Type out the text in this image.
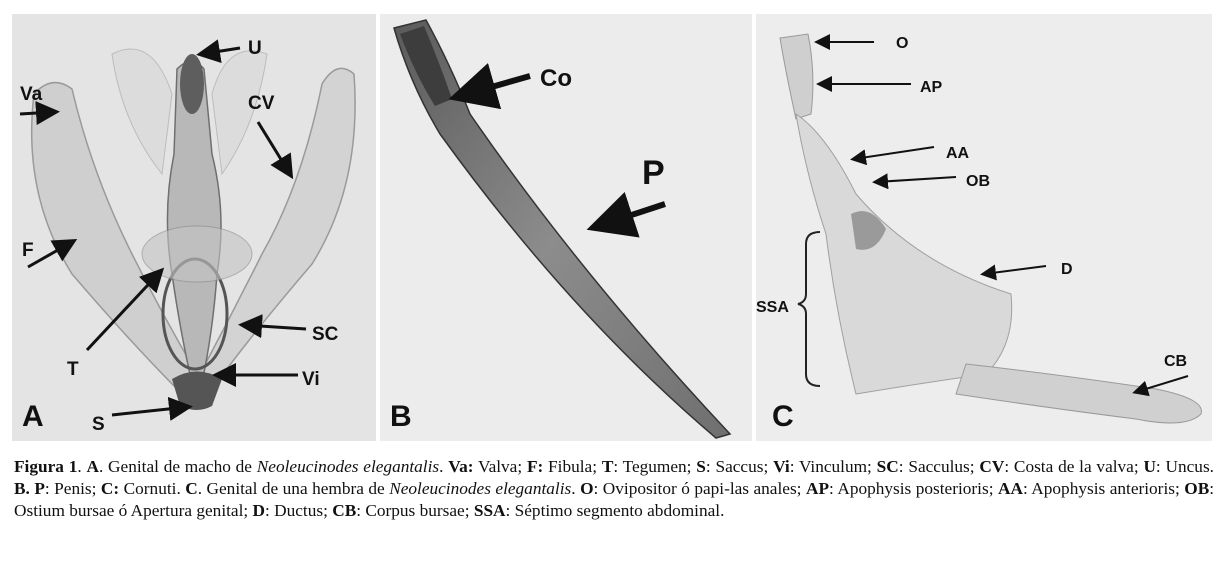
U
Va	CV
F
SC
T	Vi
S
A
Co
P
B
O
AP
AA
OB
D
SSA
CB
C
Figura 1. A. Genital de macho de Neoleucinodes elegantalis. Va: Valva; F: Fibula; T: Tegumen; S: Saccus; Vi: Vinculum; SC: Sacculus; CV: Costa de la valva; U: Uncus. B. P: Penis; C: Cornuti. C. Genital de una hembra de Neoleucinodes elegantalis. O: Ovipositor ó papi-las anales; AP: Apophysis posterioris; AA: Apophysis anterioris; OB: Ostium bursae ó Apertura genital; D: Ductus; CB: Corpus bursae; SSA: Séptimo segmento abdominal.
